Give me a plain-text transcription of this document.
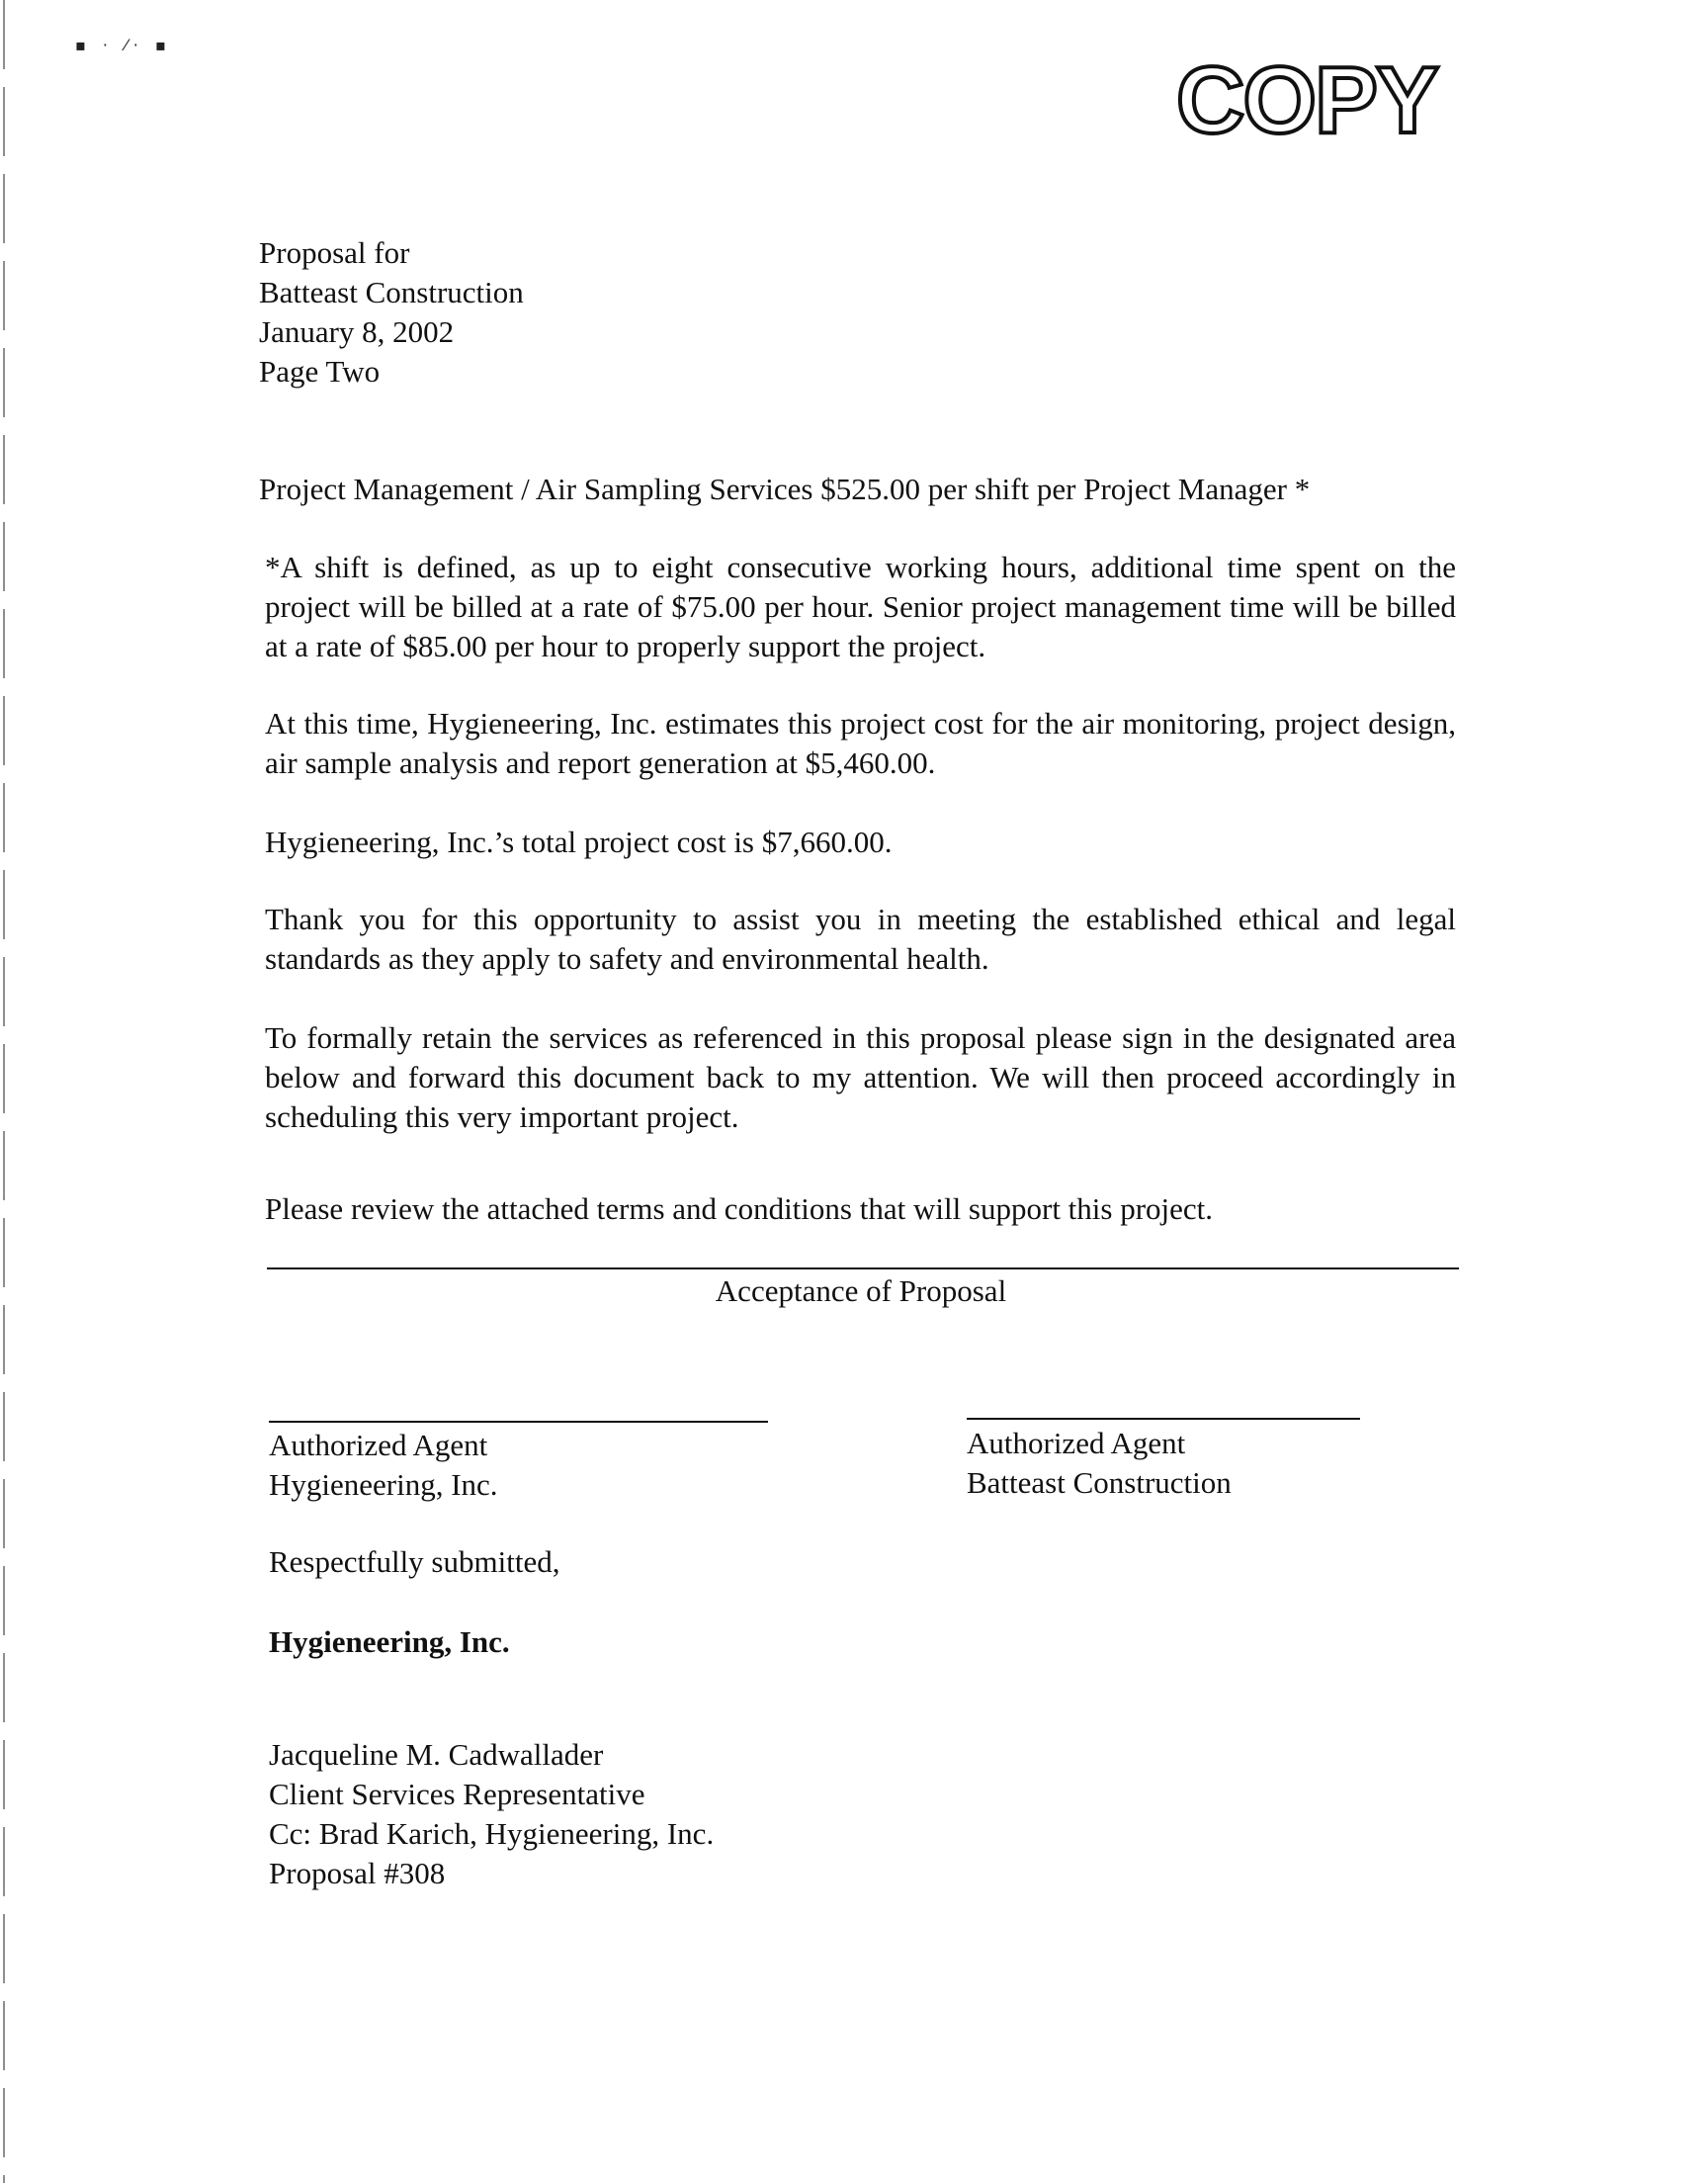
▪ · ⁄· ▪
COPY
Proposal for
Batteast Construction
January 8, 2002
Page Two
Project Management / Air Sampling Services $525.00 per shift per Project Manager *
*A shift is defined, as up to eight consecutive working hours, additional time spent on the project will be billed at a rate of $75.00 per hour. Senior project management time will be billed at a rate of $85.00 per hour to properly support the project.
At this time, Hygieneering, Inc. estimates this project cost for the air monitoring, project design, air sample analysis and report generation at $5,460.00.
Hygieneering, Inc.’s total project cost is $7,660.00.
Thank you for this opportunity to assist you in meeting the established ethical and legal standards as they apply to safety and environmental health.
To formally retain the services as referenced in this proposal please sign in the designated area below and forward this document back to my attention. We will then proceed accordingly in scheduling this very important project.
Please review the attached terms and conditions that will support this project.
Acceptance of Proposal
Authorized Agent
Hygieneering, Inc.
Authorized Agent
Batteast Construction
Respectfully submitted,
Hygieneering, Inc.
Jacqueline M. Cadwallader
Client Services Representative
Cc: Brad Karich, Hygieneering, Inc.
Proposal #308
